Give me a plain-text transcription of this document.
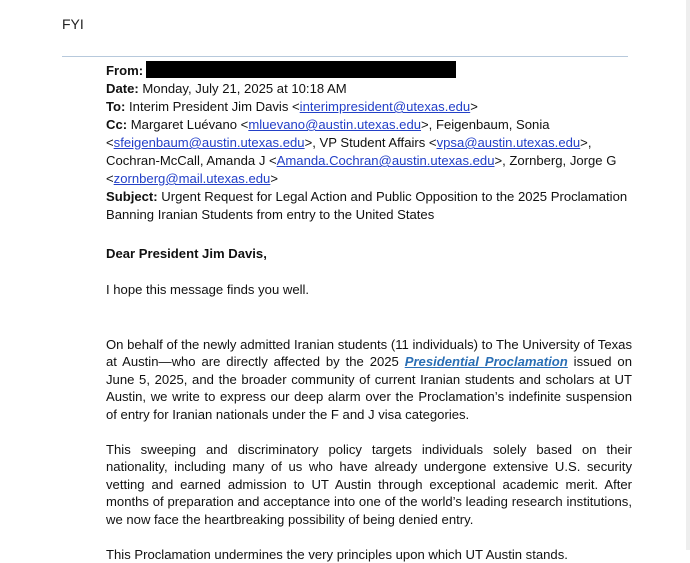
FYI

From:

Date: Monday, July 21, 2025 at 10:18 AM

To: Interim President Jim Davis <interimpresident@utexas.edu>

Cc: Margaret Luévano <mluevano@austin.utexas.edu>, Feigenbaum, Sonia <sfeigenbaum@austin.utexas.edu>, VP Student Affairs <vpsa@austin.utexas.edu>, Cochran-McCall, Amanda J <Amanda.Cochran@austin.utexas.edu>, Zornberg, Jorge G <zornberg@mail.utexas.edu>

Subject: Urgent Request for Legal Action and Public Opposition to the 2025 Proclamation Banning Iranian Students from entry to the United States

Dear President Jim Davis,

I hope this message finds you well.

On behalf of the newly admitted Iranian students (11 individuals) to The University of Texas at Austin—who are directly affected by the 2025 Presidential Proclamation issued on June 5, 2025, and the broader community of current Iranian students and scholars at UT Austin, we write to express our deep alarm over the Proclamation’s indefinite suspension of entry for Iranian nationals under the F and J visa categories.

This sweeping and discriminatory policy targets individuals solely based on their nationality, including many of us who have already undergone extensive U.S. security vetting and earned admission to UT Austin through exceptional academic merit. After months of preparation and acceptance into one of the world’s leading research institutions, we now face the heartbreaking possibility of being denied entry.

This Proclamation undermines the very principles upon which UT Austin stands.
